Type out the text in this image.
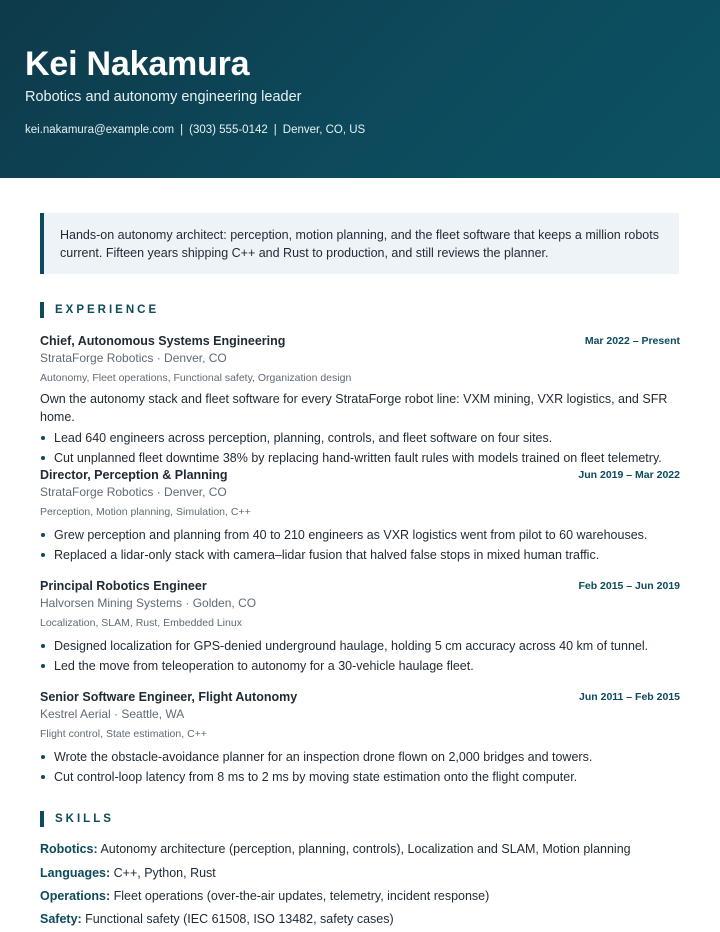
Kei Nakamura
Robotics and autonomy engineering leader
kei.nakamura@example.com | (303) 555-0142 | Denver, CO, US
Hands-on autonomy architect: perception, motion planning, and the fleet software that keeps a million robots current. Fifteen years shipping C++ and Rust to production, and still reviews the planner.
EXPERIENCE
Chief, Autonomous Systems Engineering	Mar 2022 – Present
StrataForge Robotics · Denver, CO
Autonomy, Fleet operations, Functional safety, Organization design
Own the autonomy stack and fleet software for every StrataForge robot line: VXM mining, VXR logistics, and SFR home.
Lead 640 engineers across perception, planning, controls, and fleet software on four sites.
Cut unplanned fleet downtime 38% by replacing hand-written fault rules with models trained on fleet telemetry.
Director, Perception & Planning	Jun 2019 – Mar 2022
StrataForge Robotics · Denver, CO
Perception, Motion planning, Simulation, C++
Grew perception and planning from 40 to 210 engineers as VXR logistics went from pilot to 60 warehouses.
Replaced a lidar-only stack with camera–lidar fusion that halved false stops in mixed human traffic.
Principal Robotics Engineer	Feb 2015 – Jun 2019
Halvorsen Mining Systems · Golden, CO
Localization, SLAM, Rust, Embedded Linux
Designed localization for GPS-denied underground haulage, holding 5 cm accuracy across 40 km of tunnel.
Led the move from teleoperation to autonomy for a 30-vehicle haulage fleet.
Senior Software Engineer, Flight Autonomy	Jun 2011 – Feb 2015
Kestrel Aerial · Seattle, WA
Flight control, State estimation, C++
Wrote the obstacle-avoidance planner for an inspection drone flown on 2,000 bridges and towers.
Cut control-loop latency from 8 ms to 2 ms by moving state estimation onto the flight computer.
SKILLS
Robotics: Autonomy architecture (perception, planning, controls), Localization and SLAM, Motion planning
Languages: C++, Python, Rust
Operations: Fleet operations (over-the-air updates, telemetry, incident response)
Safety: Functional safety (IEC 61508, ISO 13482, safety cases)
